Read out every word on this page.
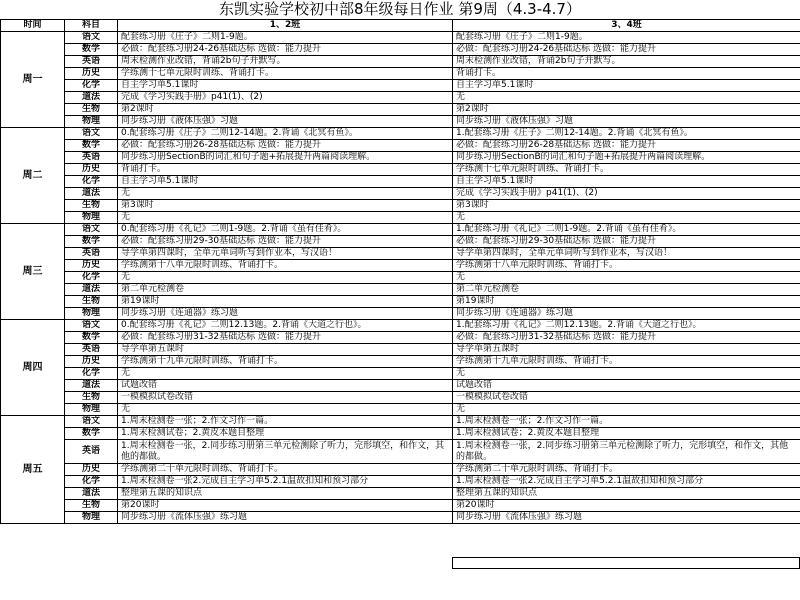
东凯实验学校初中部8年级每日作业 第9周（4.3-4.7）
时间	科目	1、2班	3、4班
周一	语文	配套练习册《庄子》二则1-9题。	配套练习册《庄子》二则1-9题。
	数学	必做：配套练习册24-26基础达标 选做：能力提升	必做：配套练习册24-26基础达标 选做：能力提升
	英语	周末检测作业改错，背诵2b句子并默写。	周末检测作业改错，背诵2b句子并默写。
	历史	学练测十七单元限时训练、背诵打卡。	背诵打卡。
	化学	自主学习单5.1课时	自主学习单5.1课时
	道法	完成《学习实践手册》p41(1)、(2)	无
	生物	第2课时	第2课时
	物理	同步练习册《液体压强》习题	同步练习册《液体压强》习题
周二	语文	0.配套练习册《庄子》二则12-14题。2.背诵《北冥有鱼》。	1.配套练习册《庄子》二则12-14题。2.背诵《北冥有鱼》。
	数学	必做：配套练习册26-28基础达标 选做：能力提升	必做：配套练习册26-28基础达标 选做：能力提升
	英语	同步练习册SectionB的词汇和句子题+拓展提升两篇阅读理解。	同步练习册SectionB的词汇和句子题+拓展提升两篇阅读理解。
	历史	背诵打卡。	学练测十七单元限时训练、背诵打卡。
	化学	自主学习单5.1课时	自主学习单5.1课时
	道法	无	完成《学习实践手册》p41(1)、(2)
	生物	第3课时	第3课时
	物理	无	无
周三	语文	0.配套练习册《礼记》二则1-9题。2.背诵《虽有佳肴》。	1.配套练习册《礼记》二则1-9题。2.背诵《虽有佳肴》。
	数学	必做：配套练习册29-30基础达标 选做：能力提升	必做：配套练习册29-30基础达标 选做：能力提升
	英语	导学单第四课时，全单元单词听写到作业本，写汉语！	导学单第四课时，全单元单词听写到作业本，写汉语！
	历史	学练测第十八单元限时训练、背诵打卡。	学练测第十八单元限时训练、背诵打卡。
	化学	无	无
	道法	第二单元检测卷	第二单元检测卷
	生物	第19课时	第19课时
	物理	同步练习册《连通器》练习题	同步练习册《连通器》练习题
周四	语文	0.配套练习册《礼记》二则12.13题。2.背诵《大道之行也》。	1.配套练习册《礼记》二则12.13题。2.背诵《大道之行也》。
	数学	必做：配套练习册31-32基础达标 选做：能力提升	必做：配套练习册31-32基础达标 选做：能力提升
	英语	导学单第五课时	导学单第五课时
	历史	学练测第十九单元限时训练、背诵打卡。	学练测第十九单元限时训练、背诵打卡。
	化学	无	无
	道法	试题改错	试题改错
	生物	一模模拟试卷改错	一模模拟试卷改错
	物理	无	无
周五	语文	1.周末检测卷一张；2.作文习作一篇。	1.周末检测卷一张；2.作文习作一篇。
	数学	1.周末检测试卷；2.黄皮本题目整理	1.周末检测试卷；2.黄皮本题目整理
	英语	1.周末检测卷一张，2.同步练习册第三单元检测除了听力，完形填空，和作文，其他的都做。	1.周末检测卷一张，2.同步练习册第三单元检测除了听力，完形填空，和作文，其他的都做。
	历史	学练测第二十单元限时训练、背诵打卡。	学练测第二十单元限时训练、背诵打卡。
	化学	1.周末检测卷一张2.完成自主学习单5.2.1温故扣知和预习部分	1.周末检测卷一张2.完成自主学习单5.2.1温故扣知和预习部分
	道法	整理第五课的知识点	整理第五课的知识点
	生物	第20课时	第20课时
	物理	同步练习册《流体压强》练习题	同步练习册《流体压强》练习题
